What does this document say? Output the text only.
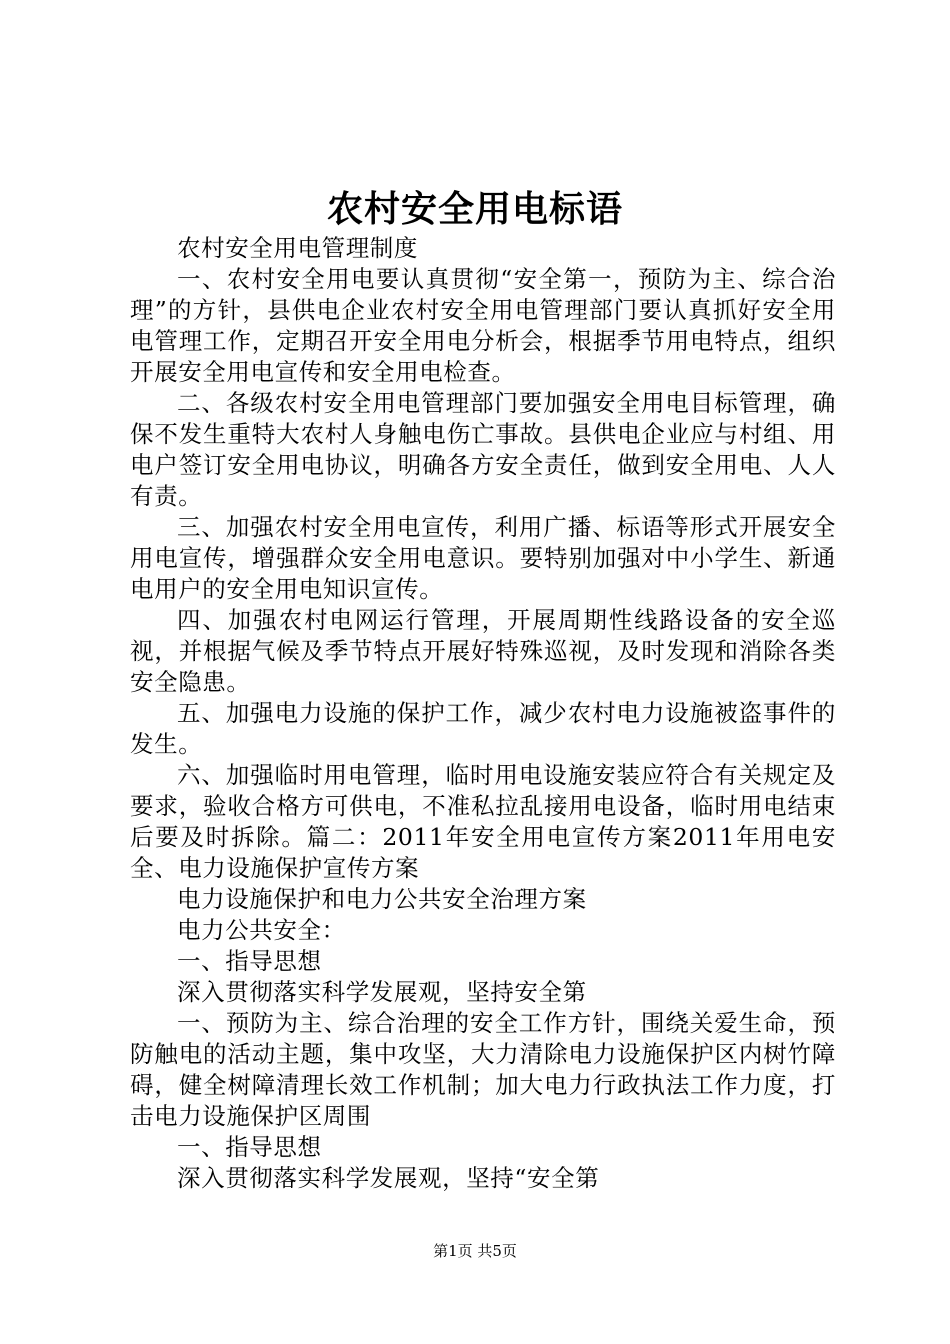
农村安全用电标语

农村安全用电管理制度

一、农村安全用电要认真贯彻“安全第一，预防为主、综合治理”的方针，县供电企业农村安全用电管理部门要认真抓好安全用电管理工作，定期召开安全用电分析会，根据季节用电特点，组织开展安全用电宣传和安全用电检查。

二、各级农村安全用电管理部门要加强安全用电目标管理，确保不发生重特大农村人身触电伤亡事故。县供电企业应与村组、用电户签订安全用电协议，明确各方安全责任，做到安全用电、人人有责。

三、加强农村安全用电宣传，利用广播、标语等形式开展安全用电宣传，增强群众安全用电意识。要特别加强对中小学生、新通电用户的安全用电知识宣传。

四、加强农村电网运行管理，开展周期性线路设备的安全巡视，并根据气候及季节特点开展好特殊巡视，及时发现和消除各类安全隐患。

五、加强电力设施的保护工作，减少农村电力设施被盗事件的发生。

六、加强临时用电管理，临时用电设施安装应符合有关规定及要求，验收合格方可供电，不准私拉乱接用电设备，临时用电结束后要及时拆除。篇二：2011年安全用电宣传方案2011年用电安全、电力设施保护宣传方案

电力设施保护和电力公共安全治理方案

电力公共安全：

一、指导思想

深入贯彻落实科学发展观，坚持安全第

一、预防为主、综合治理的安全工作方针，围绕关爱生命，预防触电的活动主题，集中攻坚，大力清除电力设施保护区内树竹障碍，健全树障清理长效工作机制；加大电力行政执法工作力度，打击电力设施保护区周围

一、指导思想

深入贯彻落实科学发展观，坚持“安全第

第1页 共5页
